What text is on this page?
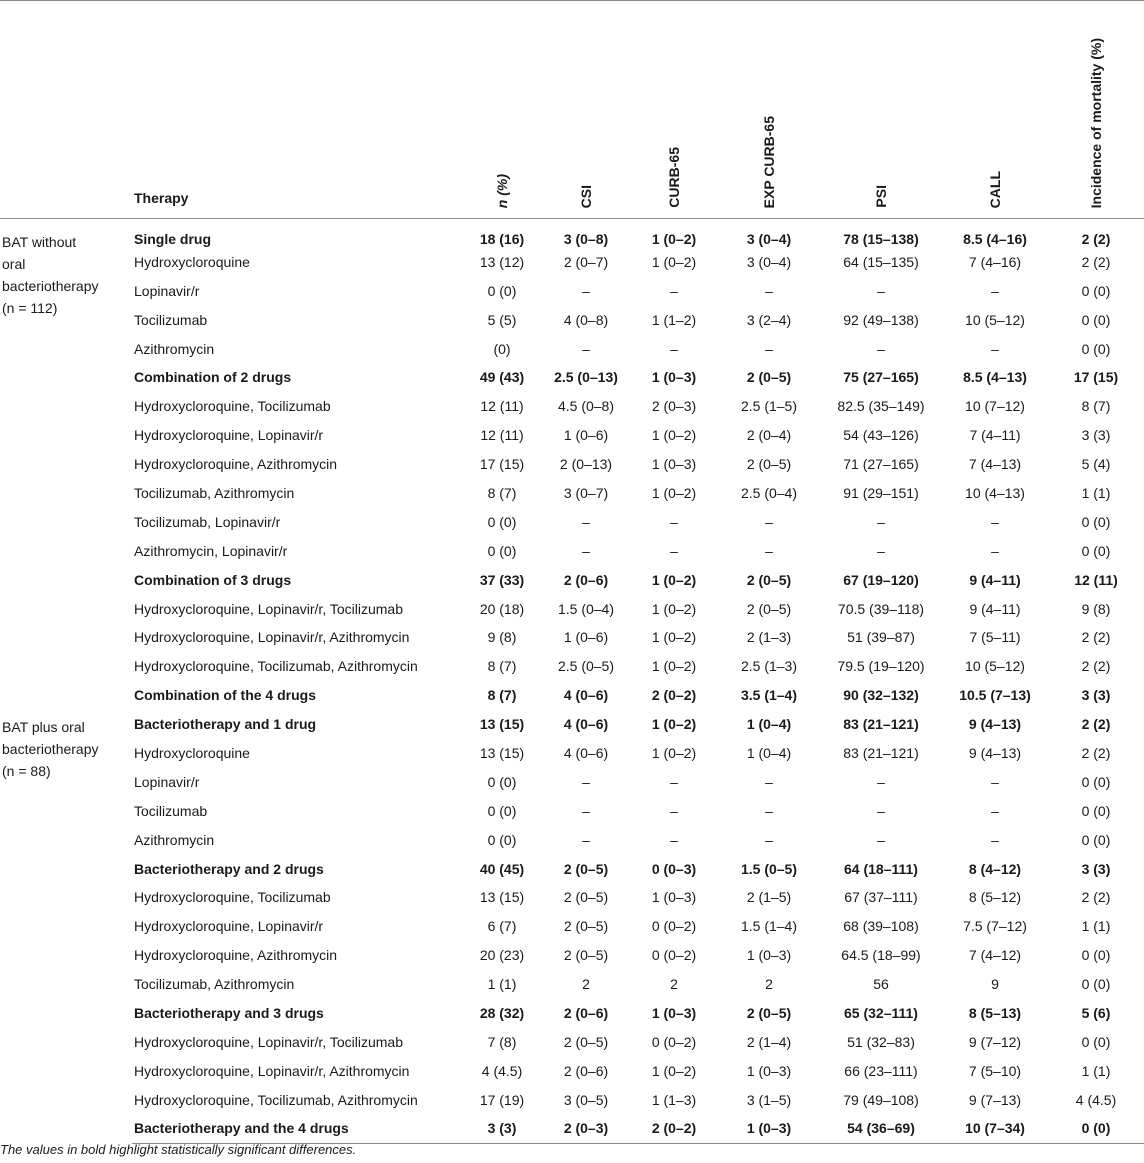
	Therapy	n (%)	CSI	CURB-65	EXP CURB-65	PSI	CALL	Incidence of mortality (%)

BAT without
oral
bacteriotherapy
(n = 112)	Single drug	18 (16)	3 (0–8)	1 (0–2)	3 (0–4)	78 (15–138)	8.5 (4–16)	2 (2)
	Hydroxycloroquine	13 (12)	2 (0–7)	1 (0–2)	3 (0–4)	64 (15–135)	7 (4–16)	2 (2)
	Lopinavir/r	0 (0)	–	–	–	–	–	0 (0)
	Tocilizumab	5 (5)	4 (0–8)	1 (1–2)	3 (2–4)	92 (49–138)	10 (5–12)	0 (0)
	Azithromycin	(0)	–	–	–	–	–	0 (0)
	Combination of 2 drugs	49 (43)	2.5 (0–13)	1 (0–3)	2 (0–5)	75 (27–165)	8.5 (4–13)	17 (15)
	Hydroxycloroquine, Tocilizumab	12 (11)	4.5 (0–8)	2 (0–3)	2.5 (1–5)	82.5 (35–149)	10 (7–12)	8 (7)
	Hydroxycloroquine, Lopinavir/r	12 (11)	1 (0–6)	1 (0–2)	2 (0–4)	54 (43–126)	7 (4–11)	3 (3)
	Hydroxycloroquine, Azithromycin	17 (15)	2 (0–13)	1 (0–3)	2 (0–5)	71 (27–165)	7 (4–13)	5 (4)
	Tocilizumab, Azithromycin	8 (7)	3 (0–7)	1 (0–2)	2.5 (0–4)	91 (29–151)	10 (4–13)	1 (1)
	Tocilizumab, Lopinavir/r	0 (0)	–	–	–	–	–	0 (0)
	Azithromycin, Lopinavir/r	0 (0)	–	–	–	–	–	0 (0)
	Combination of 3 drugs	37 (33)	2 (0–6)	1 (0–2)	2 (0–5)	67 (19–120)	9 (4–11)	12 (11)
	Hydroxycloroquine, Lopinavir/r, Tocilizumab	20 (18)	1.5 (0–4)	1 (0–2)	2 (0–5)	70.5 (39–118)	9 (4–11)	9 (8)
	Hydroxycloroquine, Lopinavir/r, Azithromycin	9 (8)	1 (0–6)	1 (0–2)	2 (1–3)	51 (39–87)	7 (5–11)	2 (2)
	Hydroxycloroquine, Tocilizumab, Azithromycin	8 (7)	2.5 (0–5)	1 (0–2)	2.5 (1–3)	79.5 (19–120)	10 (5–12)	2 (2)
	Combination of the 4 drugs	8 (7)	4 (0–6)	2 (0–2)	3.5 (1–4)	90 (32–132)	10.5 (7–13)	3 (3)

BAT plus oral
bacteriotherapy
(n = 88)	Bacteriotherapy and 1 drug	13 (15)	4 (0–6)	1 (0–2)	1 (0–4)	83 (21–121)	9 (4–13)	2 (2)
	Hydroxycloroquine	13 (15)	4 (0–6)	1 (0–2)	1 (0–4)	83 (21–121)	9 (4–13)	2 (2)
	Lopinavir/r	0 (0)	–	–	–	–	–	0 (0)
	Tocilizumab	0 (0)	–	–	–	–	–	0 (0)
	Azithromycin	0 (0)	–	–	–	–	–	0 (0)
	Bacteriotherapy and 2 drugs	40 (45)	2 (0–5)	0 (0–3)	1.5 (0–5)	64 (18–111)	8 (4–12)	3 (3)
	Hydroxycloroquine, Tocilizumab	13 (15)	2 (0–5)	1 (0–3)	2 (1–5)	67 (37–111)	8 (5–12)	2 (2)
	Hydroxycloroquine, Lopinavir/r	6 (7)	2 (0–5)	0 (0–2)	1.5 (1–4)	68 (39–108)	7.5 (7–12)	1 (1)
	Hydroxycloroquine, Azithromycin	20 (23)	2 (0–5)	0 (0–2)	1 (0–3)	64.5 (18–99)	7 (4–12)	0 (0)
	Tocilizumab, Azithromycin	1 (1)	2	2	2	56	9	0 (0)
	Bacteriotherapy and 3 drugs	28 (32)	2 (0–6)	1 (0–3)	2 (0–5)	65 (32–111)	8 (5–13)	5 (6)
	Hydroxycloroquine, Lopinavir/r, Tocilizumab	7 (8)	2 (0–5)	0 (0–2)	2 (1–4)	51 (32–83)	9 (7–12)	0 (0)
	Hydroxycloroquine, Lopinavir/r, Azithromycin	4 (4.5)	2 (0–6)	1 (0–2)	1 (0–3)	66 (23–111)	7 (5–10)	1 (1)
	Hydroxycloroquine, Tocilizumab, Azithromycin	17 (19)	3 (0–5)	1 (1–3)	3 (1–5)	79 (49–108)	9 (7–13)	4 (4.5)
	Bacteriotherapy and the 4 drugs	3 (3)	2 (0–3)	2 (0–2)	1 (0–3)	54 (36–69)	10 (7–34)	0 (0)
The values in bold highlight statistically significant differences.
